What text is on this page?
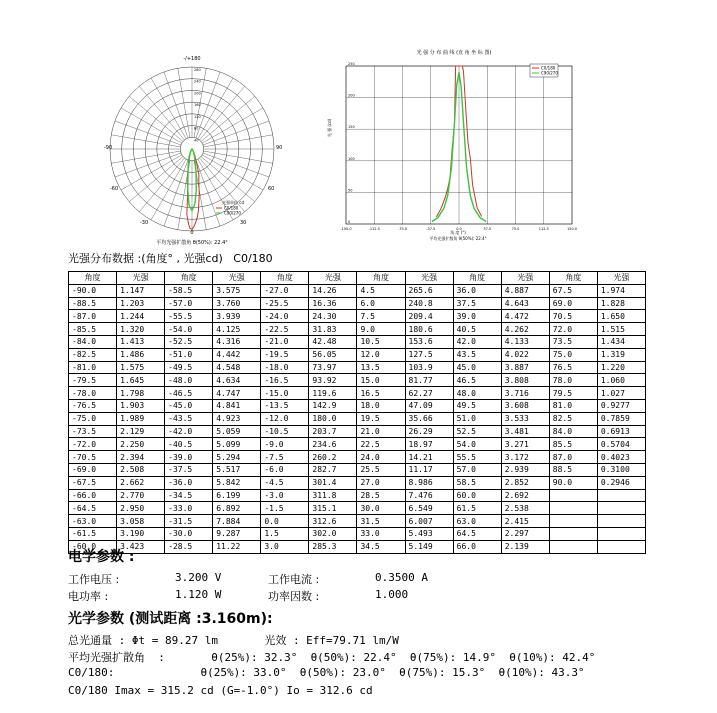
40
80
120
160
200
240
280
-/+180
0
-90
-60
-30
90
60
30
光强单位 cd
C0/180
C90/270
平均光强扩散角 θ(50%): 22.4°
光 强 分 布 曲 线 (直 角 坐 标 图)
光 强 (cd)
-150.0	-112.5	-75.0	-37.5	0.0	37.5	75.0	112.5	150.0
0
50
100
150
200
250
C0/180
C90/270
角 度 (°)
平均光强扩散角 θ(50%): 22.4°
光强分布数据 :(角度° , 光强cd)   C0/180
角度	光强	角度	光强	角度	光强	角度	光强	角度	光强	角度	光强
-90.0	1.147	-58.5	3.575	-27.0	14.26	4.5	265.6	36.0	4.887	67.5	1.974
-88.5	1.203	-57.0	3.760	-25.5	16.36	6.0	240.8	37.5	4.643	69.0	1.828
-87.0	1.244	-55.5	3.939	-24.0	24.30	7.5	209.4	39.0	4.472	70.5	1.650
-85.5	1.320	-54.0	4.125	-22.5	31.83	9.0	180.6	40.5	4.262	72.0	1.515
-84.0	1.413	-52.5	4.316	-21.0	42.48	10.5	153.6	42.0	4.133	73.5	1.434
-82.5	1.486	-51.0	4.442	-19.5	56.05	12.0	127.5	43.5	4.022	75.0	1.319
-81.0	1.575	-49.5	4.548	-18.0	73.97	13.5	103.9	45.0	3.887	76.5	1.220
-79.5	1.645	-48.0	4.634	-16.5	93.92	15.0	81.77	46.5	3.808	78.0	1.060
-78.0	1.798	-46.5	4.747	-15.0	119.6	16.5	62.27	48.0	3.716	79.5	1.027
-76.5	1.903	-45.0	4.841	-13.5	142.9	18.0	47.09	49.5	3.608	81.0	0.9277
-75.0	1.989	-43.5	4.923	-12.0	180.0	19.5	35.66	51.0	3.533	82.5	0.7859
-73.5	2.129	-42.0	5.059	-10.5	203.7	21.0	26.29	52.5	3.481	84.0	0.6913
-72.0	2.250	-40.5	5.099	-9.0	234.6	22.5	18.97	54.0	3.271	85.5	0.5704
-70.5	2.394	-39.0	5.294	-7.5	260.2	24.0	14.21	55.5	3.172	87.0	0.4023
-69.0	2.508	-37.5	5.517	-6.0	282.7	25.5	11.17	57.0	2.939	88.5	0.3100
-67.5	2.662	-36.0	5.842	-4.5	301.4	27.0	8.986	58.5	2.852	90.0	0.2946
-66.0	2.770	-34.5	6.199	-3.0	311.8	28.5	7.476	60.0	2.692		
-64.5	2.950	-33.0	6.892	-1.5	315.1	30.0	6.549	61.5	2.538		
-63.0	3.058	-31.5	7.884	0.0	312.6	31.5	6.007	63.0	2.415		
-61.5	3.190	-30.0	9.287	1.5	302.0	33.0	5.493	64.5	2.297		
-60.0	3.423	-28.5	11.22	3.0	285.3	34.5	5.149	66.0	2.139		
电学参数 :
工作电压 :	3.200 V	工作电流 :	0.3500 A
电功率 :	1.120 W	功率因数 :	1.000
光学参数 (测试距离 :3.160m):
总光通量 : Φt = 89.27 lm       光效 : Eff=79.71 lm/W
平均光强扩散角  :       θ(25%): 32.3°  θ(50%): 22.4°  θ(75%): 14.9°  θ(10%): 42.4°
C0/180:             θ(25%): 33.0°  θ(50%): 23.0°  θ(75%): 15.3°  θ(10%): 43.3°
C0/180 Imax = 315.2 cd (G=-1.0°) Io = 312.6 cd
